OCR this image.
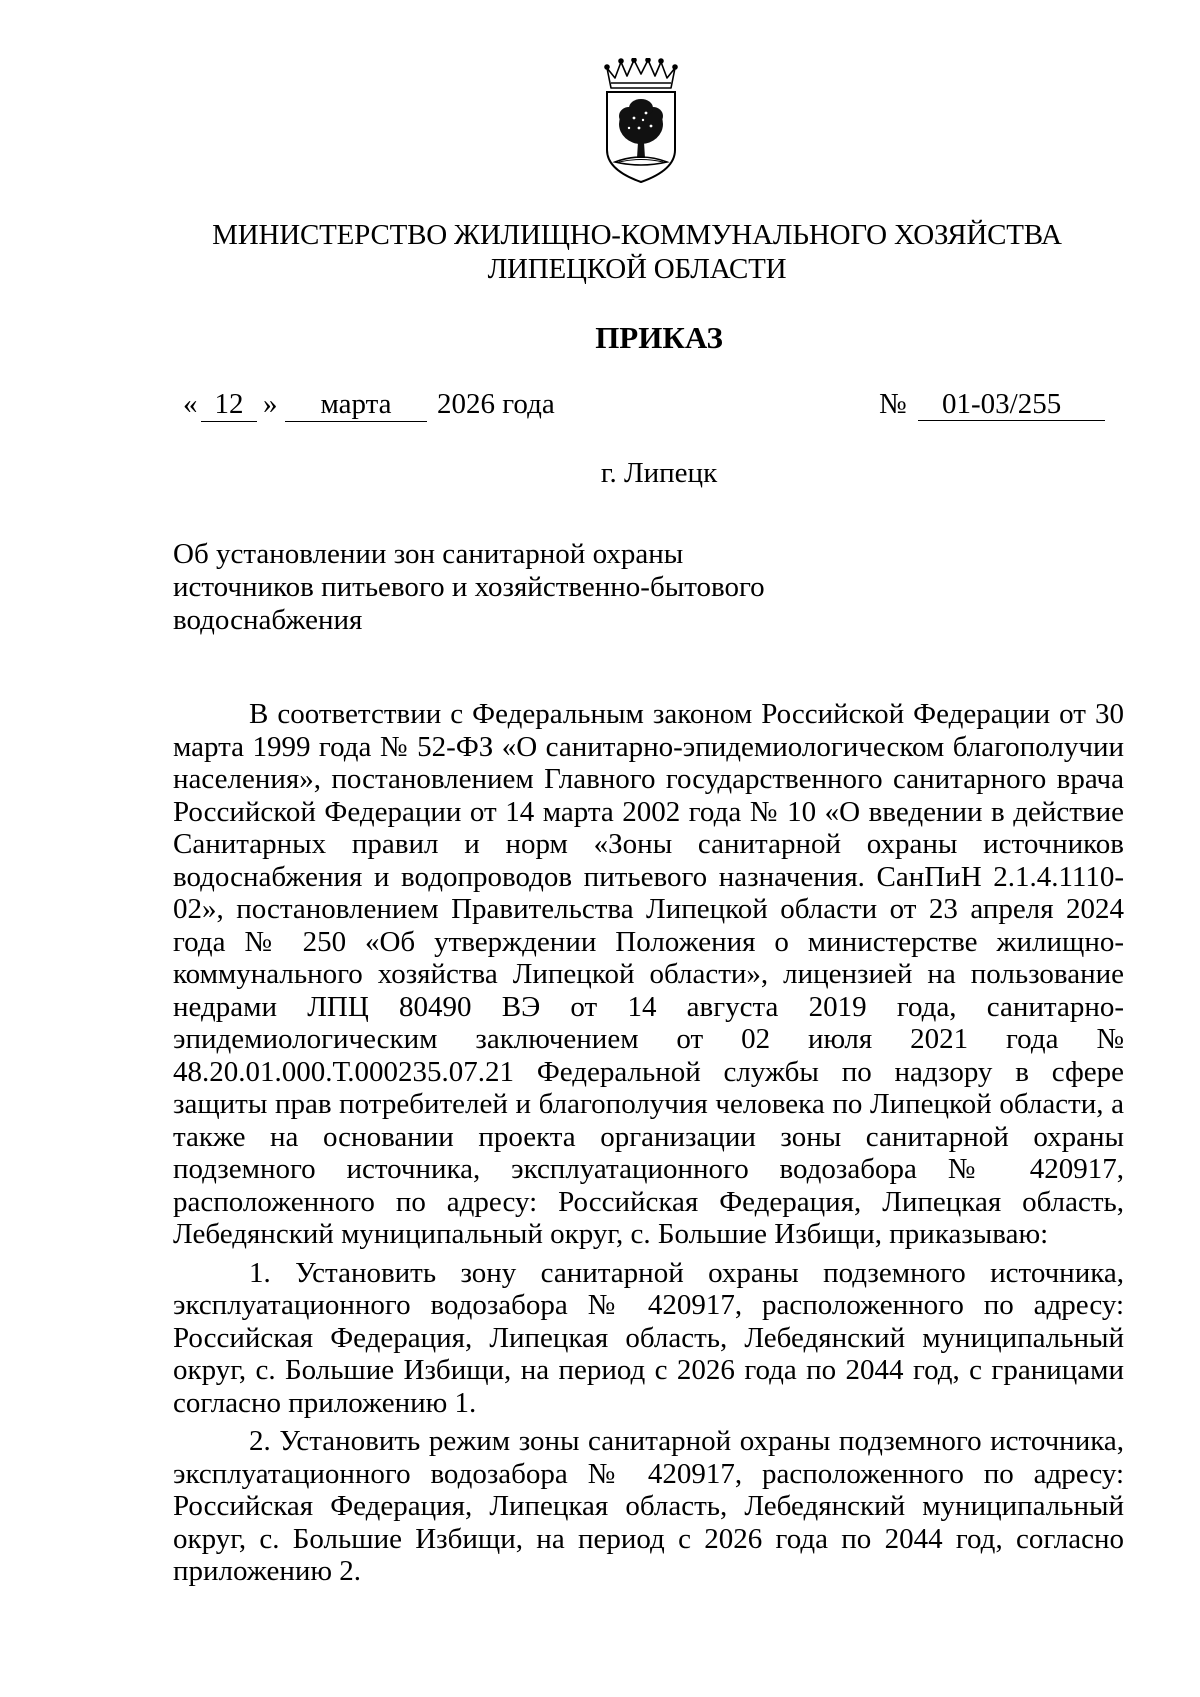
МИНИСТЕРСТВО ЖИЛИЩНО-КОММУНАЛЬНОГО ХОЗЯЙСТВА
ЛИПЕЦКОЙ ОБЛАСТИ
ПРИКАЗ
« 12 »	марта	2026 года	№	01-03/255
г. Липецк
Об установлении зон санитарной охраны
источников питьевого и хозяйственно-бытового
водоснабжения

В соответствии с Федеральным законом Российской Федерации от 30 марта 1999 года № 52-ФЗ «О санитарно-эпидемиологическом благополучии населения», постановлением Главного государственного санитарного врача Российской Федерации от 14 марта 2002 года № 10 «О введении в действие Санитарных правил и норм «Зоны санитарной охраны источников водоснабжения и водопроводов питьевого назначения. СанПиН 2.1.4.1110-02», постановлением Правительства Липецкой области от 23 апреля 2024 года № 250 «Об утверждении Положения о министерстве жилищно-коммунального хозяйства Липецкой области», лицензией на пользование недрами ЛПЦ 80490 ВЭ от 14 августа 2019 года, санитарно-эпидемиологическим заключением от 02 июля 2021 года № 48.20.01.000.Т.000235.07.21 Федеральной службы по надзору в сфере защиты прав потребителей и благополучия человека по Липецкой области, а также на основании проекта организации зоны санитарной охраны подземного источника, эксплуатационного водозабора № 420917, расположенного по адресу: Российская Федерация, Липецкая область, Лебедянский муниципальный округ, с. Большие Избищи, приказываю:

1. Установить зону санитарной охраны подземного источника, эксплуатационного водозабора № 420917, расположенного по адресу: Российская Федерация, Липецкая область, Лебедянский муниципальный округ, с. Большие Избищи, на период с 2026 года по 2044 год, с границами согласно приложению 1.

2. Установить режим зоны санитарной охраны подземного источника, эксплуатационного водозабора № 420917, расположенного по адресу: Российская Федерация, Липецкая область, Лебедянский муниципальный округ, с. Большие Избищи, на период с 2026 года по 2044 год, согласно приложению 2.
